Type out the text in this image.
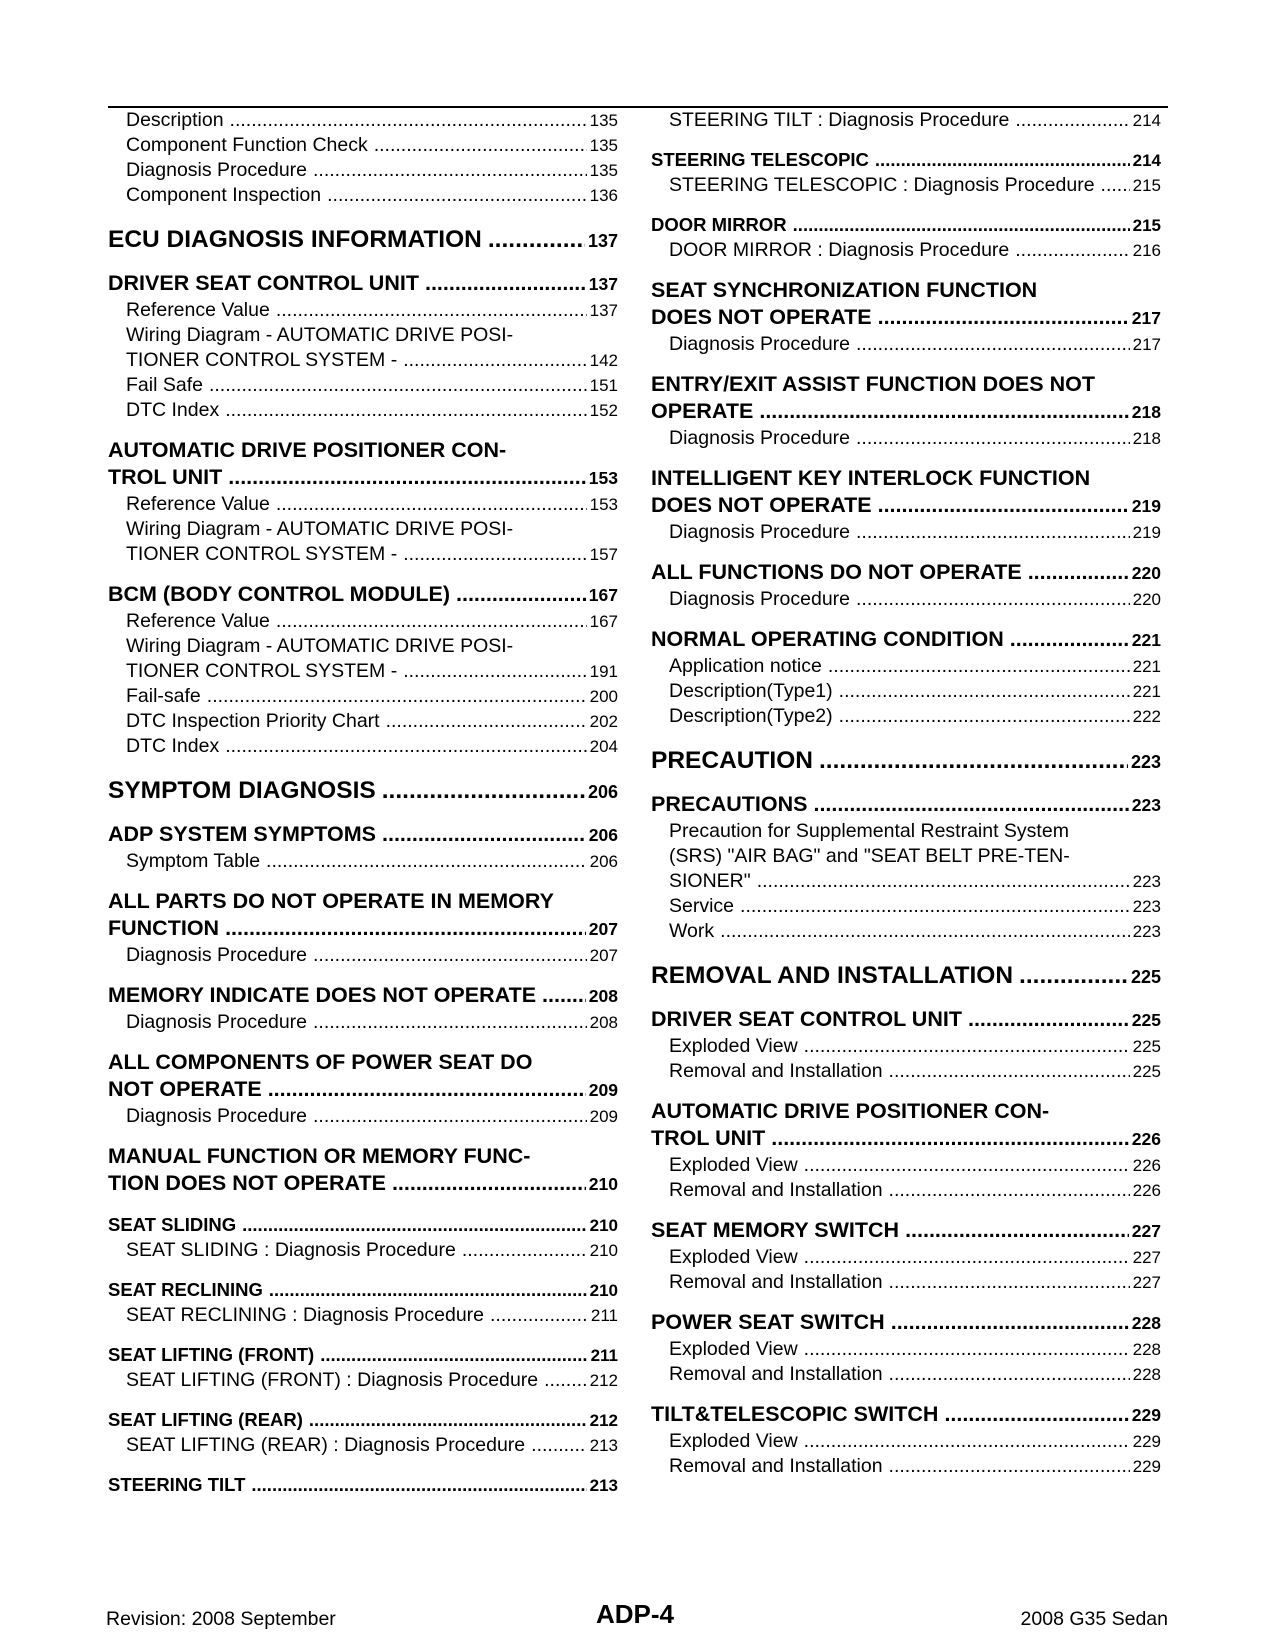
Description .....	135
Component Function Check .....	135
Diagnosis Procedure .....	135
Component Inspection .....	136
ECU DIAGNOSIS INFORMATION .....	137
DRIVER SEAT CONTROL UNIT .....	137
Reference Value .....	137
Wiring Diagram - AUTOMATIC DRIVE POSI-
TIONER CONTROL SYSTEM - .....	142
Fail Safe .....	151
DTC Index .....	152
AUTOMATIC DRIVE POSITIONER CON-
TROL UNIT .....	153
Reference Value .....	153
Wiring Diagram - AUTOMATIC DRIVE POSI-
TIONER CONTROL SYSTEM - .....	157
BCM (BODY CONTROL MODULE) .....	167
Reference Value .....	167
Wiring Diagram - AUTOMATIC DRIVE POSI-
TIONER CONTROL SYSTEM - .....	191
Fail-safe .....	200
DTC Inspection Priority Chart .....	202
DTC Index .....	204
SYMPTOM DIAGNOSIS .....	206
ADP SYSTEM SYMPTOMS .....	206
Symptom Table .....	206
ALL PARTS DO NOT OPERATE IN MEMORY
FUNCTION .....	207
Diagnosis Procedure .....	207
MEMORY INDICATE DOES NOT OPERATE .....	208
Diagnosis Procedure .....	208
ALL COMPONENTS OF POWER SEAT DO
NOT OPERATE .....	209
Diagnosis Procedure .....	209
MANUAL FUNCTION OR MEMORY FUNC-
TION DOES NOT OPERATE .....	210
SEAT SLIDING .....	210
SEAT SLIDING : Diagnosis Procedure .....	210
SEAT RECLINING .....	210
SEAT RECLINING : Diagnosis Procedure .....	211
SEAT LIFTING (FRONT) .....	211
SEAT LIFTING (FRONT) : Diagnosis Procedure .....	212
SEAT LIFTING (REAR) .....	212
SEAT LIFTING (REAR) : Diagnosis Procedure .....	213
STEERING TILT .....	213
STEERING TILT : Diagnosis Procedure .....	214
STEERING TELESCOPIC .....	214
STEERING TELESCOPIC : Diagnosis Procedure ..... 215
DOOR MIRROR .....	215
DOOR MIRROR : Diagnosis Procedure .....	216
SEAT SYNCHRONIZATION FUNCTION
DOES NOT OPERATE .....	217
Diagnosis Procedure .....	217
ENTRY/EXIT ASSIST FUNCTION DOES NOT
OPERATE .....	218
Diagnosis Procedure .....	218
INTELLIGENT KEY INTERLOCK FUNCTION
DOES NOT OPERATE .....	219
Diagnosis Procedure .....	219
ALL FUNCTIONS DO NOT OPERATE .....	220
Diagnosis Procedure .....	220
NORMAL OPERATING CONDITION .....	221
Application notice .....	221
Description(Type1) .....	221
Description(Type2) .....	222
PRECAUTION .....	223
PRECAUTIONS .....	223
Precaution for Supplemental Restraint System
(SRS) "AIR BAG" and "SEAT BELT PRE-TEN-
SIONER" .....	223
Service .....	223
Work .....	223
REMOVAL AND INSTALLATION .....	225
DRIVER SEAT CONTROL UNIT .....	225
Exploded View .....	225
Removal and Installation .....	225
AUTOMATIC DRIVE POSITIONER CON-
TROL UNIT .....	226
Exploded View .....	226
Removal and Installation .....	226
SEAT MEMORY SWITCH .....	227
Exploded View .....	227
Removal and Installation .....	227
POWER SEAT SWITCH .....	228
Exploded View .....	228
Removal and Installation .....	228
TILT&TELESCOPIC SWITCH .....	229
Exploded View .....	229
Removal and Installation .....	229
Revision: 2008 September	ADP-4	2008 G35 Sedan
